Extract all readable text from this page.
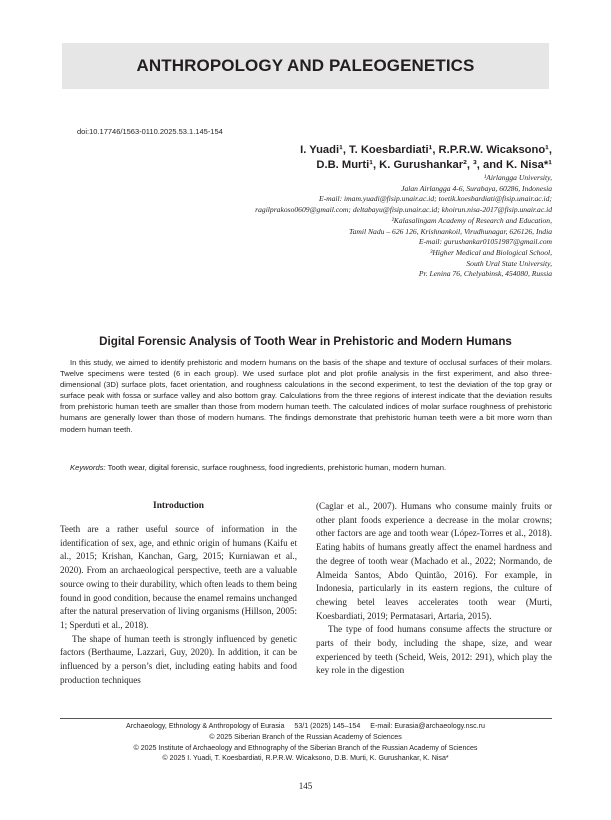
ANTHROPOLOGY AND PALEOGENETICS
doi:10.17746/1563-0110.2025.53.1.145-154
I. Yuadi¹, T. Koesbardiati¹, R.P.R.W. Wicaksono¹,
D.B. Murti¹, K. Gurushankar², ³, and K. Nisa*¹
¹Airlangga University,
Jalan Airlangga 4-6, Surabaya, 60286, Indonesia
E-mail: imam.yuadi@fisip.unair.ac.id; toetik.koesbardiati@fisip.unair.ac.id;
ragilprakoso0609@gmail.com; deltabayu@fisip.unair.ac.id; khoirun.nisa-2017@fisip.unair.ac.id
²Kalasalingam Academy of Research and Education,
Tamil Nadu – 626 126, Krishnankoil, Virudhunagar, 626126, India
E-mail: gurushankar01051987@gmail.com
³Higher Medical and Biological School,
South Ural State University,
Pr. Lenina 76, Chelyabinsk, 454080, Russia
Digital Forensic Analysis of Tooth Wear in Prehistoric and Modern Humans

In this study, we aimed to identify prehistoric and modern humans on the basis of the shape and texture of occlusal surfaces of their molars. Twelve specimens were tested (6 in each group). We used surface plot and plot profile analysis in the first experiment, and also three-dimensional (3D) surface plots, facet orientation, and roughness calculations in the second experiment, to test the deviation of the top gray or surface peak with fossa or surface valley and also bottom gray. Calculations from the three regions of interest indicate that the deviation results from prehistoric human teeth are smaller than those from modern human teeth. The calculated indices of molar surface roughness of prehistoric humans are generally lower than those of modern humans. The findings demonstrate that prehistoric human teeth were a bit more worn than modern human teeth.

Keywords: Tooth wear, digital forensic, surface roughness, food ingredients, prehistoric human, modern human.
Introduction

Teeth are a rather useful source of information in the identification of sex, age, and ethnic origin of humans (Kaifu et al., 2015; Krishan, Kanchan, Garg, 2015; Kurniawan et al., 2020). From an archaeological perspective, teeth are a valuable source owing to their durability, which often leads to them being found in good condition, because the enamel remains unchanged after the natural preservation of living organisms (Hillson, 2005: 1; Sperduti et al., 2018).

The shape of human teeth is strongly influenced by genetic factors (Berthaume, Lazzari, Guy, 2020). In addition, it can be influenced by a person’s diet, including eating habits and food production techniques

(Caglar et al., 2007). Humans who consume mainly fruits or other plant foods experience a decrease in the molar crowns; other factors are age and tooth wear (López-Torres et al., 2018). Eating habits of humans greatly affect the enamel hardness and the degree of tooth wear (Machado et al., 2022; Normando, de Almeida Santos, Abdo Quintão, 2016). For example, in Indonesia, particularly in its eastern regions, the culture of chewing betel leaves accelerates tooth wear (Murti, Koesbardiati, 2019; Permatasari, Artaria, 2015).

The type of food humans consume affects the structure or parts of their body, including the shape, size, and wear experienced by teeth (Scheid, Weis, 2012: 291), which play the key role in the digestion

Archaeology, Ethnology & Anthropology of Eurasia 53/1 (2025) 145–154 E-mail: Eurasia@archaeology.nsc.ru
© 2025 Siberian Branch of the Russian Academy of Sciences
© 2025 Institute of Archaeology and Ethnography of the Siberian Branch of the Russian Academy of Sciences
© 2025 I. Yuadi, T. Koesbardiati, R.P.R.W. Wicaksono, D.B. Murti, K. Gurushankar, K. Nisa*
145
